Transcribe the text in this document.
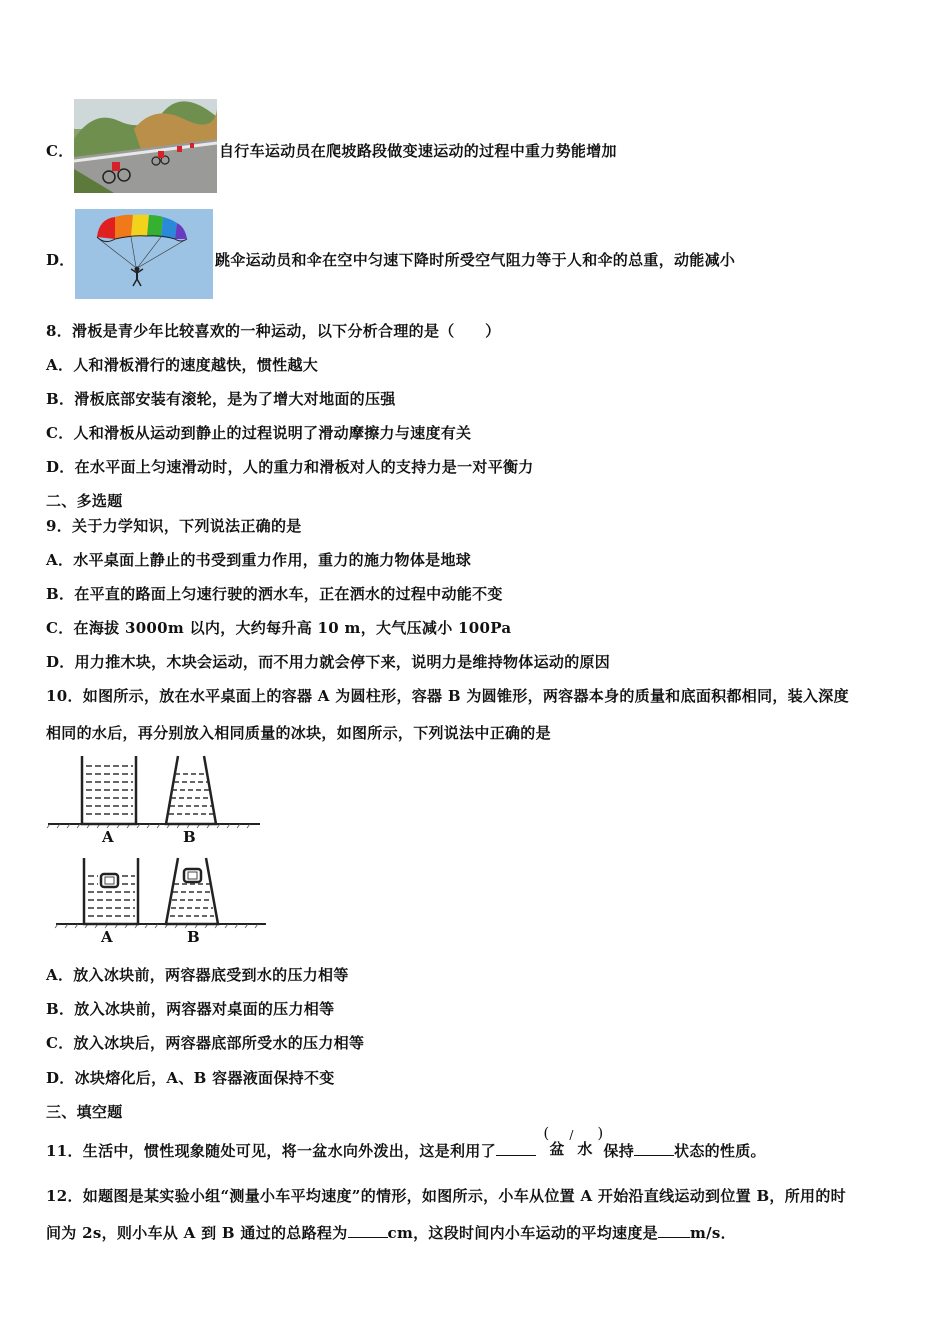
C．	自行车运动员在爬坡路段做变速运动的过程中重力势能增加
D．	跳伞运动员和伞在空中匀速下降时所受空气阻力等于人和伞的总重，动能减小
8．滑板是青少年比较喜欢的一种运动，以下分析合理的是（　　）
A．人和滑板滑行的速度越快，惯性越大
B．滑板底部安装有滚轮，是为了增大对地面的压强
C．人和滑板从运动到静止的过程说明了滑动摩擦力与速度有关
D．在水平面上匀速滑动时，人的重力和滑板对人的支持力是一对平衡力
二、多选题
9．关于力学知识，下列说法正确的是
A．水平桌面上静止的书受到重力作用，重力的施力物体是地球
B．在平直的路面上匀速行驶的洒水车，正在洒水的过程中动能不变
C．在海拔 3000m 以内，大约每升高 10 m，大气压减小 100Pa
D．用力推木块，木块会运动，而不用力就会停下来，说明力是维持物体运动的原因
10．如图所示，放在水平桌面上的容器 A 为圆柱形，容器 B 为圆锥形，两容器本身的质量和底面积都相同，装入深度
相同的水后，再分别放入相同质量的冰块，如图所示，下列说法中正确的是
A	B
A	B
A．放入冰块前，两容器底受到水的压力相等
B．放入冰块前，两容器对桌面的压力相等
C．放入冰块后，两容器底部所受水的压力相等
D．冰块熔化后，A、B 容器液面保持不变
三、填空题
11．生活中，惯性现象随处可见，将一盆水向外泼出，这是利用了
(
盆
/
水
)
保持	状态的性质。
12．如题图是某实验小组“测量小车平均速度”的情形，如图所示，小车从位置 A 开始沿直线运动到位置 B，所用的时
间为 2s，则小车从 A 到 B 通过的总路程为	cm，这段时间内小车运动的平均速度是 m/s．
